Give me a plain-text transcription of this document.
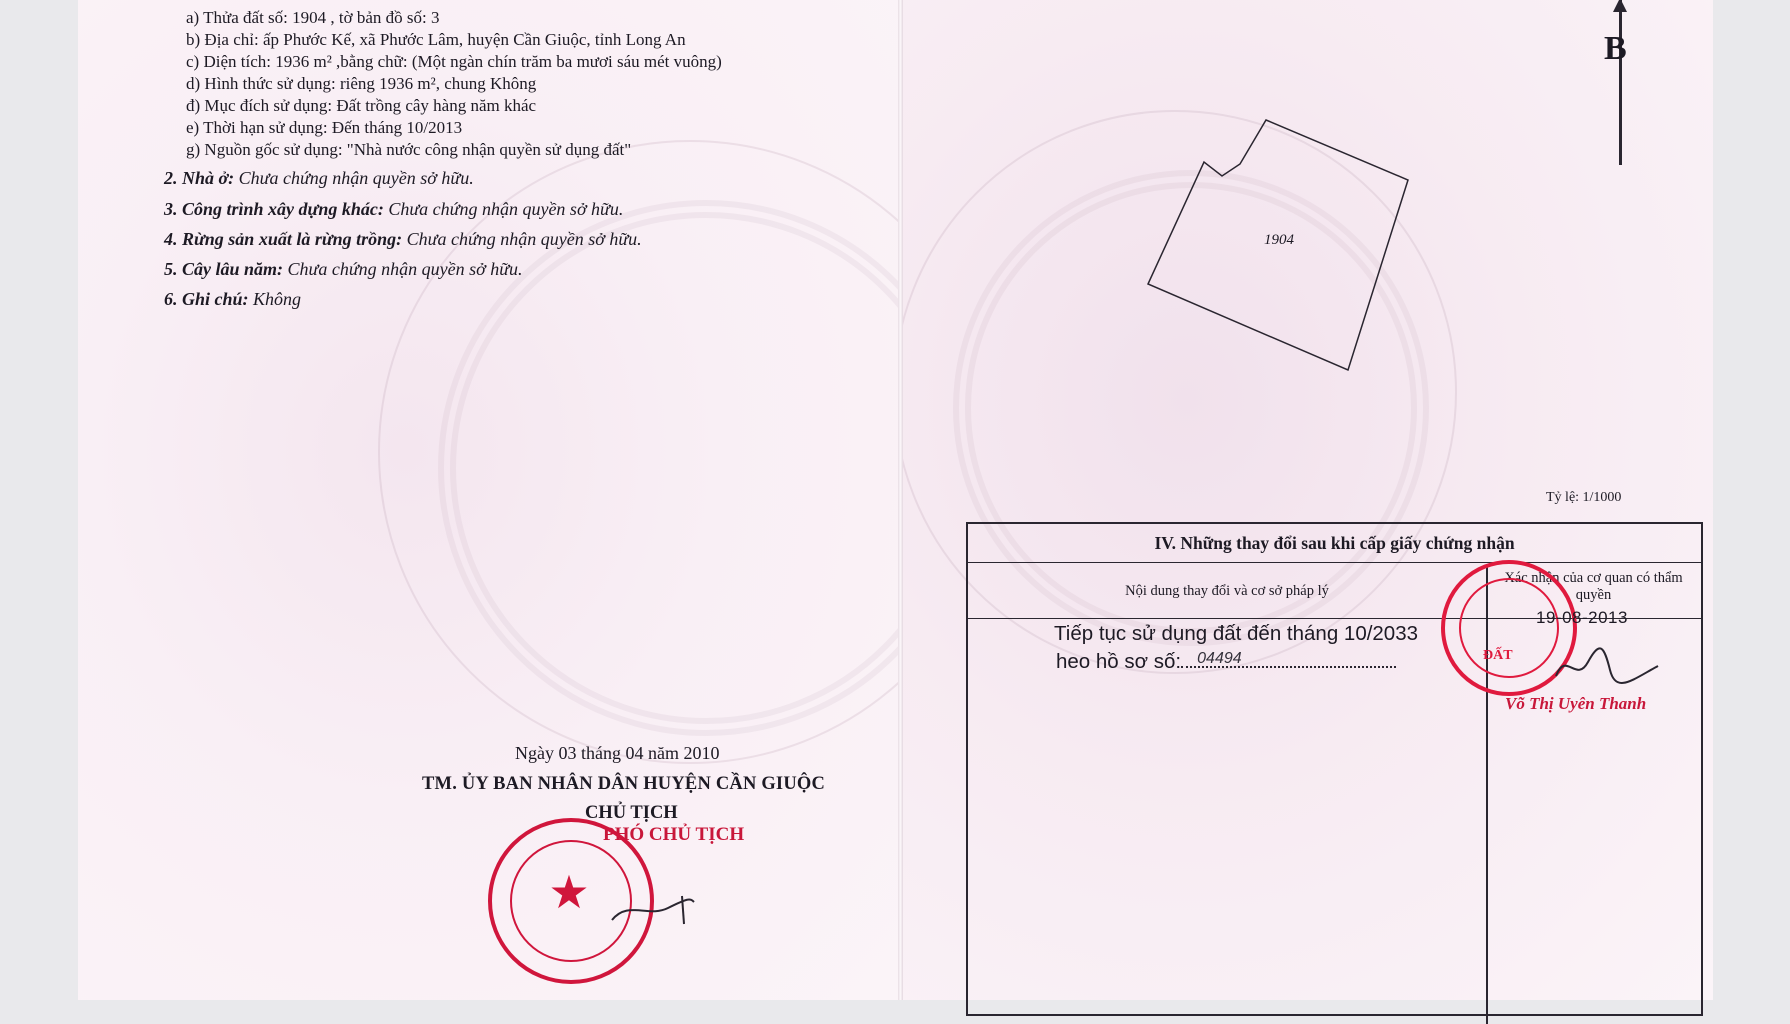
a) Thửa đất số: 1904 , tờ bản đồ số: 3
b) Địa chỉ: ấp Phước Kế, xã Phước Lâm, huyện Cần Giuộc, tỉnh Long An
c) Diện tích: 1936 m² ,bằng chữ: (Một ngàn chín trăm ba mươi sáu mét vuông)
d) Hình thức sử dụng: riêng 1936 m², chung Không
đ) Mục đích sử dụng: Đất trồng cây hàng năm khác
e) Thời hạn sử dụng: Đến tháng 10/2013
g) Nguồn gốc sử dụng: "Nhà nước công nhận quyền sử dụng đất"
2. Nhà ở: Chưa chứng nhận quyền sở hữu.
3. Công trình xây dựng khác: Chưa chứng nhận quyền sở hữu.
4. Rừng sản xuất là rừng trồng: Chưa chứng nhận quyền sở hữu.
5. Cây lâu năm: Chưa chứng nhận quyền sở hữu.
6. Ghi chú: Không
Ngày 03 tháng 04 năm 2010
TM. ỦY BAN NHÂN DÂN HUYỆN CẦN GIUỘC
CHỦ TỊCH
PHÓ CHỦ TỊCH
★
B
1904
Tỷ lệ: 1/1000
IV. Những thay đổi sau khi cấp giấy chứng nhận
Nội dung thay đổi và cơ sở pháp lý
Xác nhận của cơ quan có thẩm quyền
Tiếp tục sử dụng đất đến tháng 10/2033
heo hồ sơ số: 04494	ĐẤT
19-08-2013
Võ Thị Uyên Thanh
